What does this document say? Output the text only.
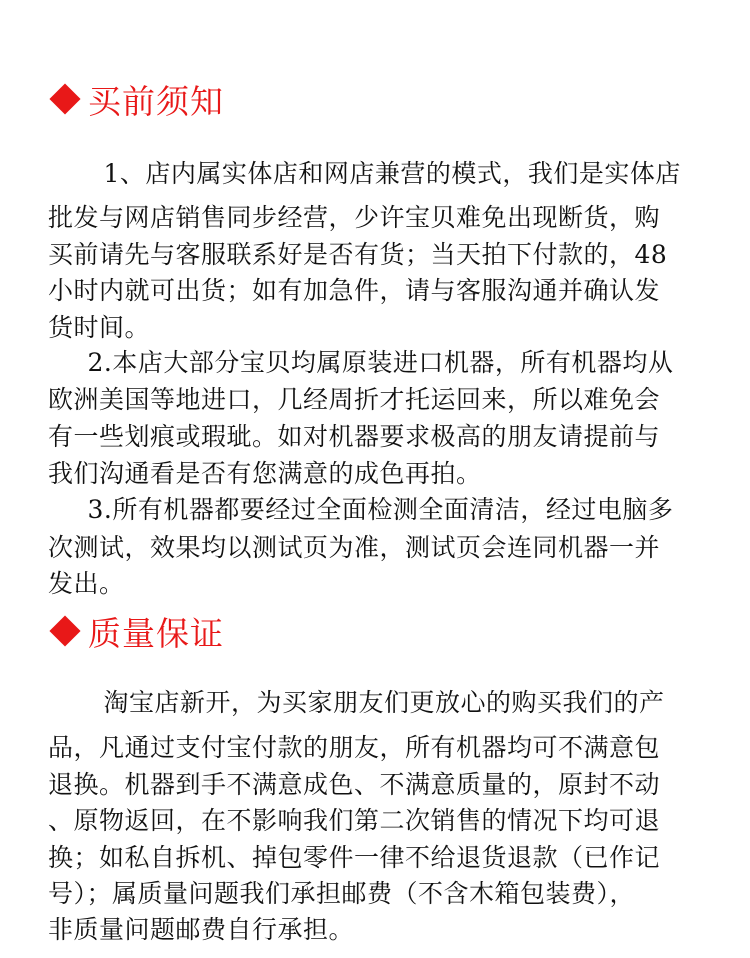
买前须知
　1、店内属实体店和网店兼营的模式，我们是实体店
批发与网店销售同步经营，少许宝贝难免出现断货，购
买前请先与客服联系好是否有货；当天拍下付款的，48
小时内就可出货；如有加急件，请与客服沟通并确认发
货时间。
　2.本店大部分宝贝均属原装进口机器，所有机器均从
欧洲美国等地进口，几经周折才托运回来，所以难免会
有一些划痕或瑕玼。如对机器要求极高的朋友请提前与
我们沟通看是否有您满意的成色再拍。
　3.所有机器都要经过全面检测全面清洁，经过电脑多
次测试，效果均以测试页为准，测试页会连同机器一并
发出。
质量保证
　淘宝店新开，为买家朋友们更放心的购买我们的产
品，凡通过支付宝付款的朋友，所有机器均可不满意包
退换。机器到手不满意成色、不满意质量的，原封不动
、原物返回，在不影响我们第二次销售的情况下均可退
换；如私自拆机、掉包零件一律不给退货退款（已作记
号）；属质量问题我们承担邮费（不含木箱包装费），
非质量问题邮费自行承担。
